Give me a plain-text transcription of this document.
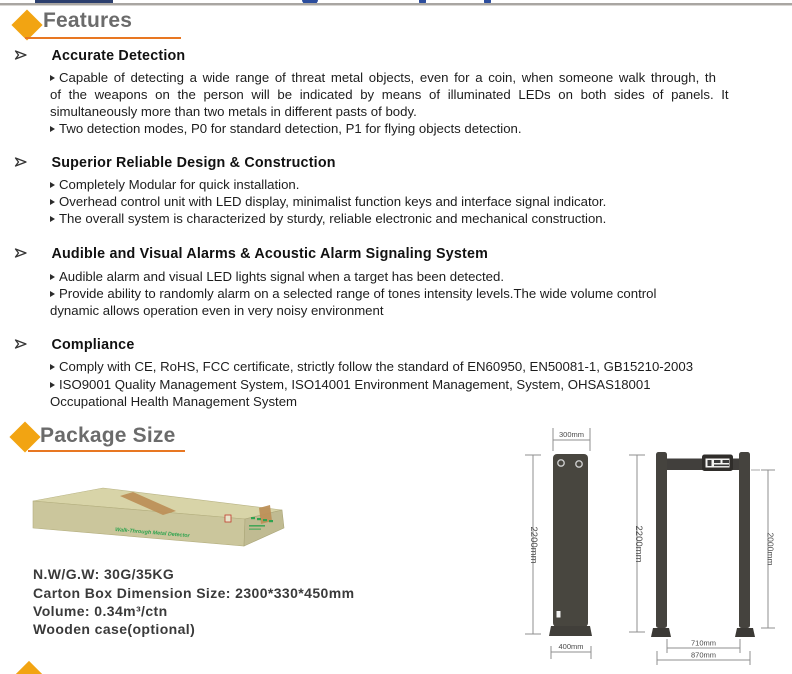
Features
Accurate Detection
Capable of detecting a wide range of threat metal objects, even for a coin, when someone walk through, th
of the weapons on the person will be indicated by means of illuminated LEDs on both sides of panels. It
simultaneously more than two metals in different pasts of body.
Two detection modes, P0 for standard detection, P1 for flying objects detection.
Superior Reliable Design & Construction
Completely Modular for quick installation.
Overhead control unit with LED display, minimalist function keys and interface signal indicator.
The overall system is characterized by sturdy, reliable electronic and mechanical construction.
Audible and Visual Alarms & Acoustic Alarm Signaling System
Audible alarm and visual LED lights signal when a target has been detected.
Provide ability to randomly alarm on a selected range of tones intensity levels.The wide volume control
dynamic allows operation even in very noisy environment
Compliance
Comply with CE, RoHS, FCC certificate, strictly follow the standard of EN60950, EN50081-1, GB15210-2003
ISO9001 Quality Management System, ISO14001 Environment Management, System, OHSAS18001
Occupational Health Management System
Package Size
Walk-Through Metal Detector
N.W/G.W: 30G/35KG
Carton Box Dimension Size: 2300*330*450mm
Volume: 0.34m³/ctn
Wooden case(optional)
300mm
2200mm
400mm
2200mm	2000mm
710mm
870mm
